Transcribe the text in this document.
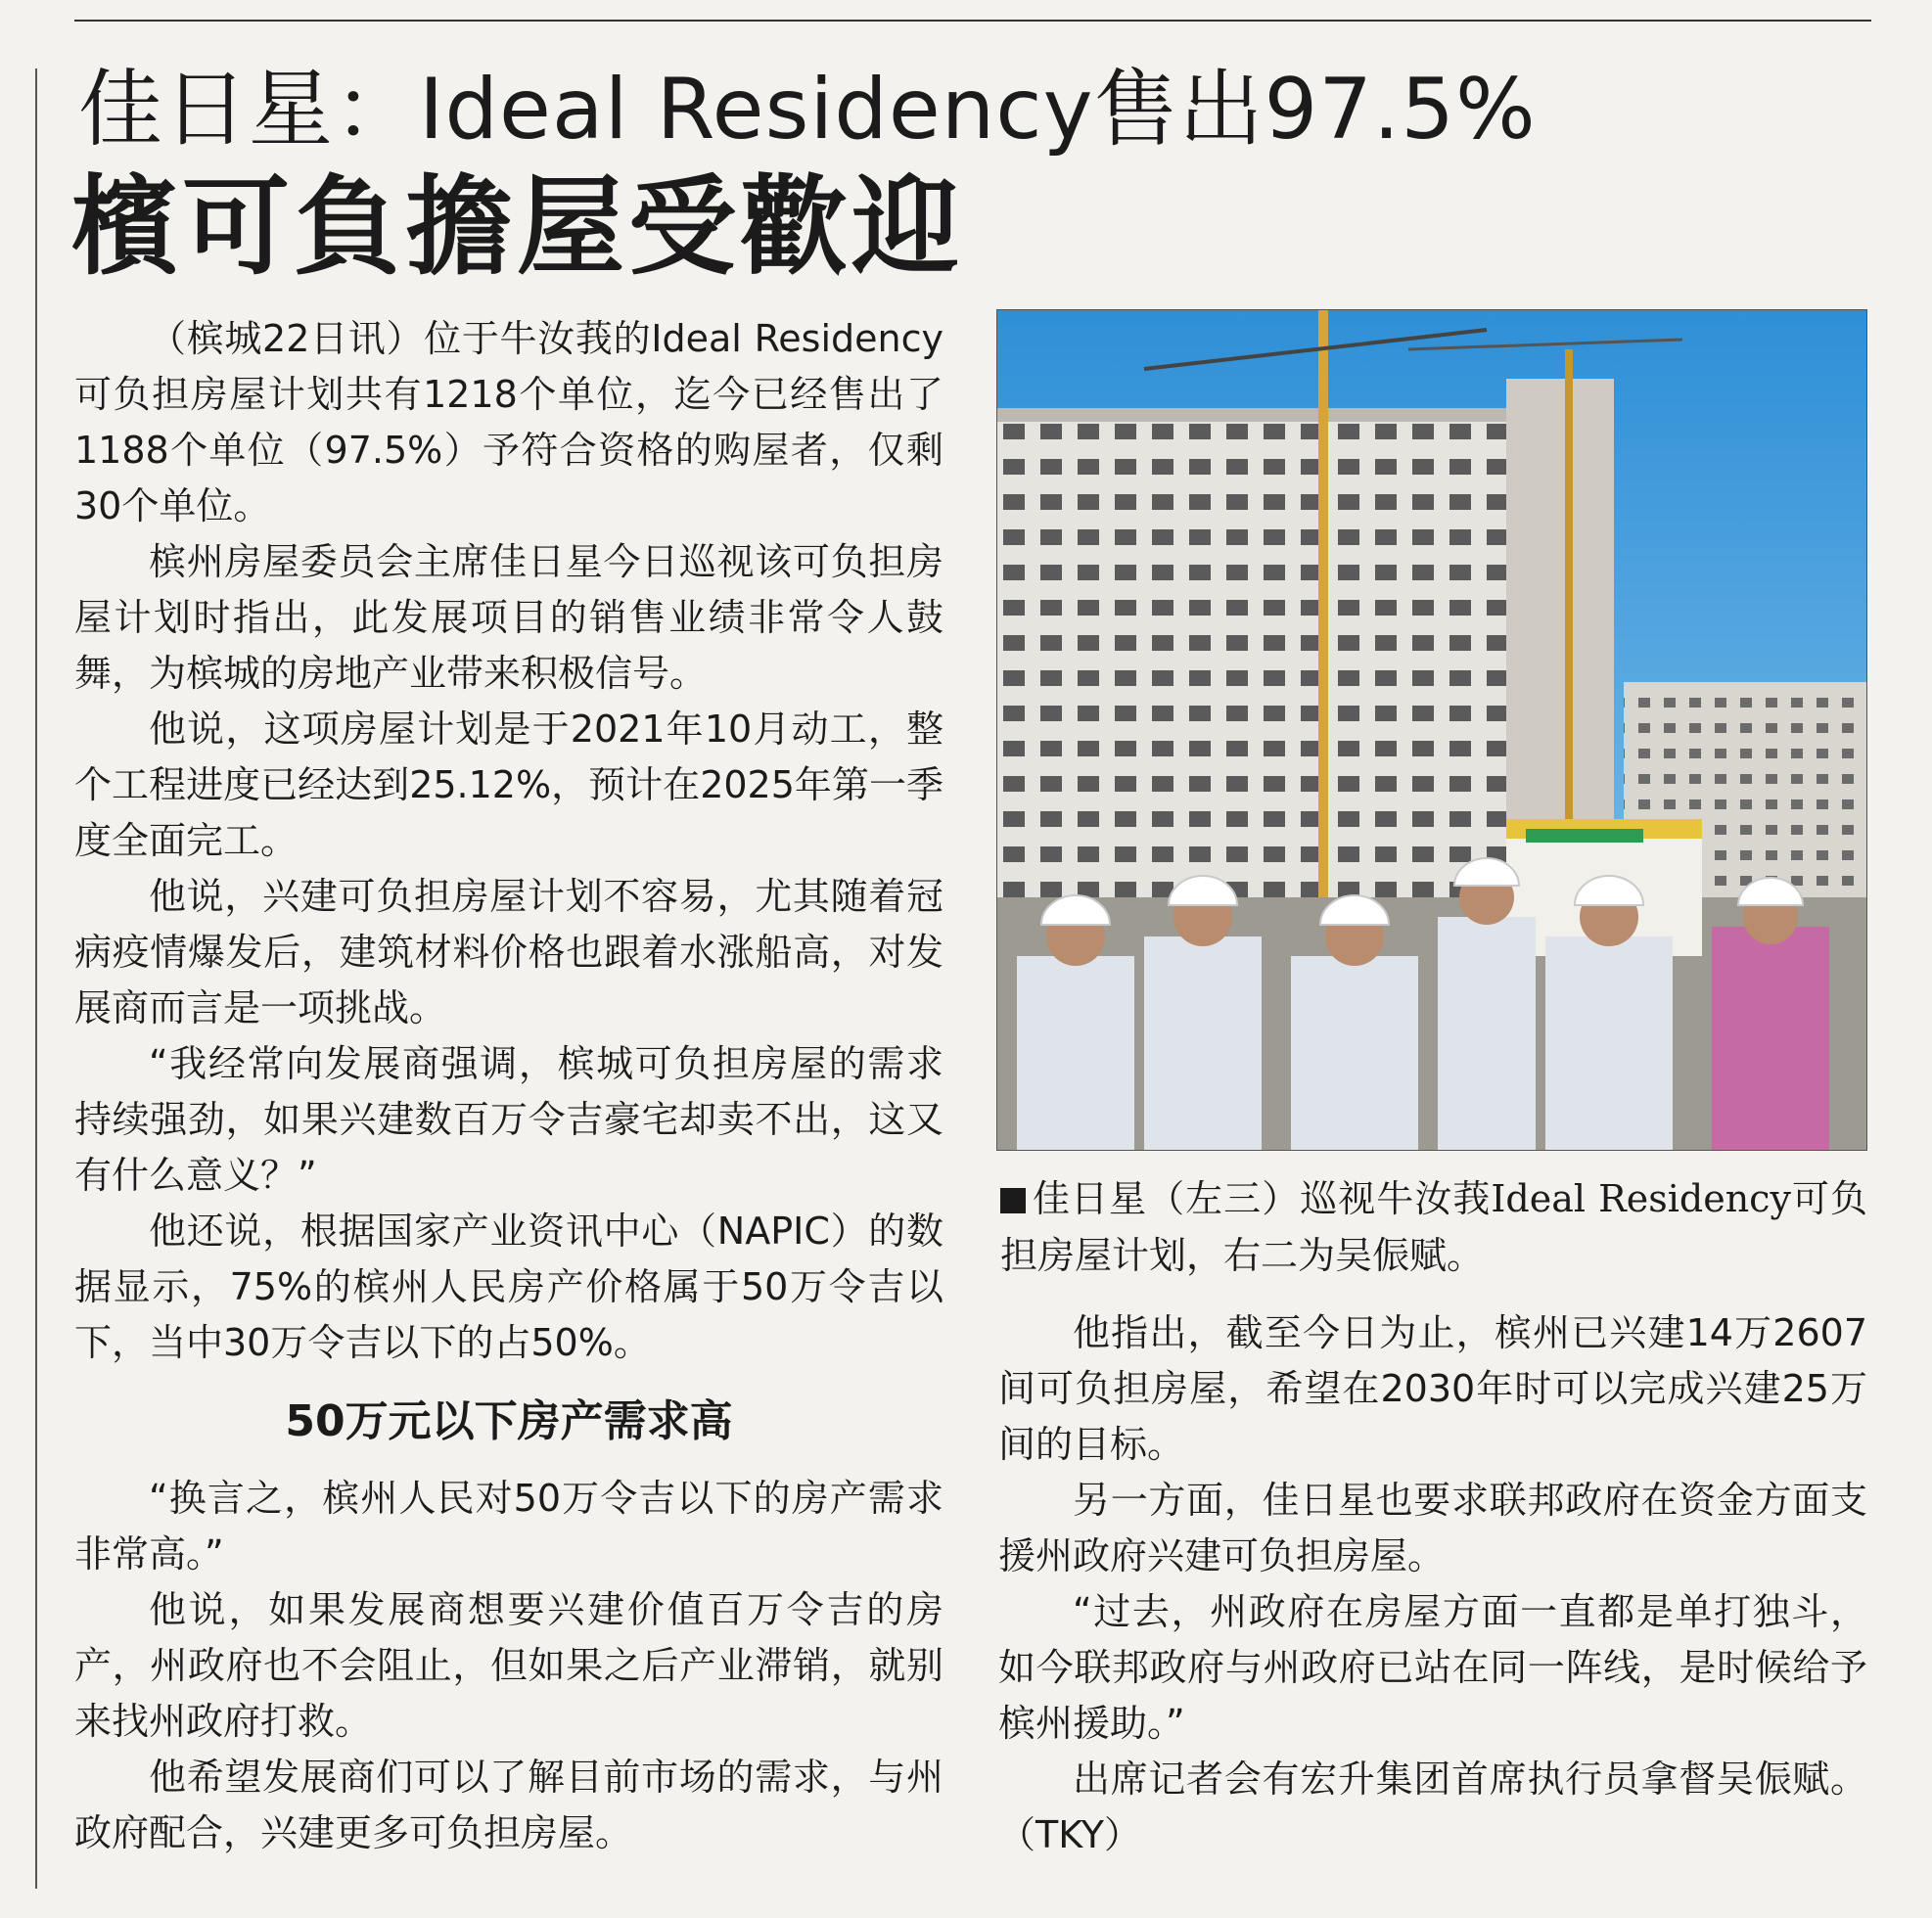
佳日星：Ideal Residency售出97.5%
檳可負擔屋受歡迎

（槟城22日讯）位于牛汝莪的Ideal Residency可负担房屋计划共有1218个单位，迄今已经售出了1188个单位（97.5%）予符合资格的购屋者，仅剩30个单位。

槟州房屋委员会主席佳日星今日巡视该可负担房屋计划时指出，此发展项目的销售业绩非常令人鼓舞，为槟城的房地产业带来积极信号。

他说，这项房屋计划是于2021年10月动工，整个工程进度已经达到25.12%，预计在2025年第一季度全面完工。

他说，兴建可负担房屋计划不容易，尤其随着冠病疫情爆发后，建筑材料价格也跟着水涨船高，对发展商而言是一项挑战。

“我经常向发展商强调，槟城可负担房屋的需求持续强劲，如果兴建数百万令吉豪宅却卖不出，这又有什么意义？”

他还说，根据国家产业资讯中心（NAPIC）的数据显示，75%的槟州人民房产价格属于50万令吉以下，当中30万令吉以下的占50%。

50万元以下房产需求高

“换言之，槟州人民对50万令吉以下的房产需求非常高。”

他说，如果发展商想要兴建价值百万令吉的房产，州政府也不会阻止，但如果之后产业滞销，就别来找州政府打救。

他希望发展商们可以了解目前市场的需求，与州政府配合，兴建更多可负担房屋。

佳日星（左三）巡视牛汝莪Ideal Residency可负担房屋计划，右二为吴侲赋。

他指出，截至今日为止，槟州已兴建14万2607间可负担房屋，希望在2030年时可以完成兴建25万间的目标。

另一方面，佳日星也要求联邦政府在资金方面支援州政府兴建可负担房屋。

“过去，州政府在房屋方面一直都是单打独斗，如今联邦政府与州政府已站在同一阵线，是时候给予槟州援助。”

出席记者会有宏升集团首席执行员拿督吴侲赋。（TKY）
